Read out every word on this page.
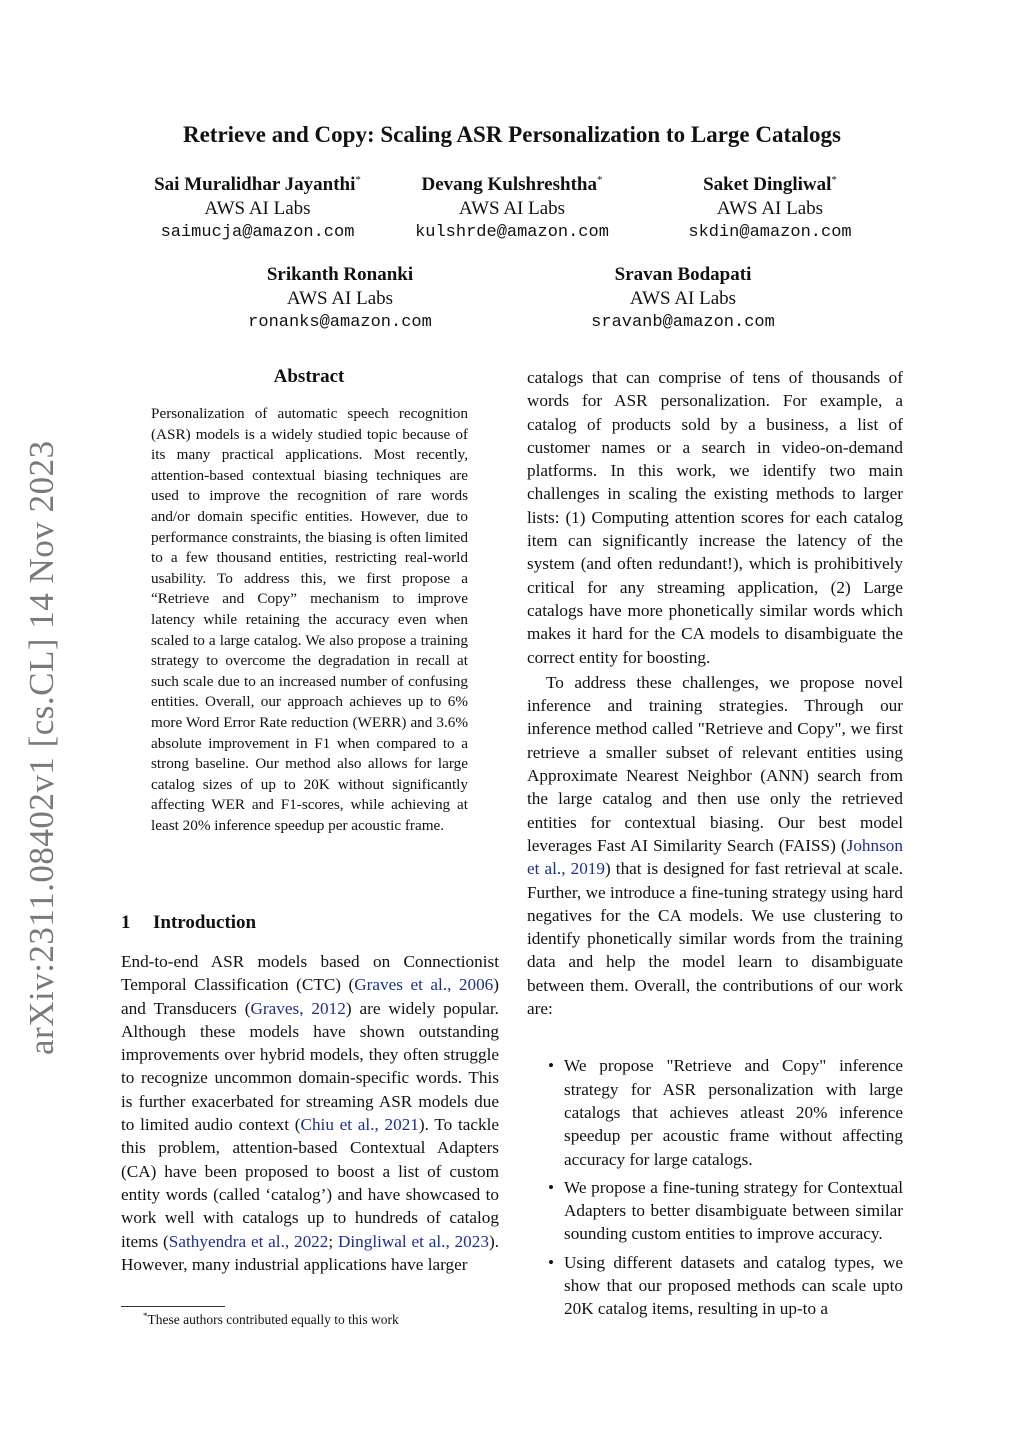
arXiv:2311.08402v1 [cs.CL] 14 Nov 2023
Retrieve and Copy: Scaling ASR Personalization to Large Catalogs
Sai Muralidhar Jayanthi*
AWS AI Labs
saimucja@amazon.com
Devang Kulshreshtha*
AWS AI Labs
kulshrde@amazon.com
Saket Dingliwal*
AWS AI Labs
skdin@amazon.com
Srikanth Ronanki
AWS AI Labs
ronanks@amazon.com
Sravan Bodapati
AWS AI Labs
sravanb@amazon.com
Abstract
Personalization of automatic speech recognition (ASR) models is a widely studied topic because of its many practical applications. Most recently, attention-based contextual biasing techniques are used to improve the recognition of rare words and/or domain specific entities. However, due to performance constraints, the biasing is often limited to a few thousand entities, restricting real-world usability. To address this, we first propose a “Retrieve and Copy” mechanism to improve latency while retaining the accuracy even when scaled to a large catalog. We also propose a training strategy to overcome the degradation in recall at such scale due to an increased number of confusing entities. Overall, our approach achieves up to 6% more Word Error Rate reduction (WERR) and 3.6% absolute improvement in F1 when compared to a strong baseline. Our method also allows for large catalog sizes of up to 20K without significantly affecting WER and F1-scores, while achieving at least 20% inference speedup per acoustic frame.
1 Introduction
End-to-end ASR models based on Connectionist Temporal Classification (CTC) (Graves et al., 2006) and Transducers (Graves, 2012) are widely popular. Although these models have shown outstanding improvements over hybrid models, they often struggle to recognize uncommon domain-specific words. This is further exacerbated for streaming ASR models due to limited audio context (Chiu et al., 2021). To tackle this problem, attention-based Contextual Adapters (CA) have been proposed to boost a list of custom entity words (called ‘catalog’) and have showcased to work well with catalogs up to hundreds of catalog items (Sathyendra et al., 2022; Dingliwal et al., 2023). However, many industrial applications have larger
*These authors contributed equally to this work

catalogs that can comprise of tens of thousands of words for ASR personalization. For example, a catalog of products sold by a business, a list of customer names or a search in video-on-demand platforms. In this work, we identify two main challenges in scaling the existing methods to larger lists: (1) Computing attention scores for each catalog item can significantly increase the latency of the system (and often redundant!), which is prohibitively critical for any streaming application, (2) Large catalogs have more phonetically similar words which makes it hard for the CA models to disambiguate the correct entity for boosting.

To address these challenges, we propose novel inference and training strategies. Through our inference method called "Retrieve and Copy", we first retrieve a smaller subset of relevant entities using Approximate Nearest Neighbor (ANN) search from the large catalog and then use only the retrieved entities for contextual biasing. Our best model leverages Fast AI Similarity Search (FAISS) (Johnson et al., 2019) that is designed for fast retrieval at scale. Further, we introduce a fine-tuning strategy using hard negatives for the CA models. We use clustering to identify phonetically similar words from the training data and help the model learn to disambiguate between them. Overall, the contributions of our work are:

• We propose "Retrieve and Copy" inference strategy for ASR personalization with large catalogs that achieves atleast 20% inference speedup per acoustic frame without affecting accuracy for large catalogs.
• We propose a fine-tuning strategy for Contextual Adapters to better disambiguate between similar sounding custom entities to improve accuracy.
• Using different datasets and catalog types, we show that our proposed methods can scale upto 20K catalog items, resulting in up-to a
